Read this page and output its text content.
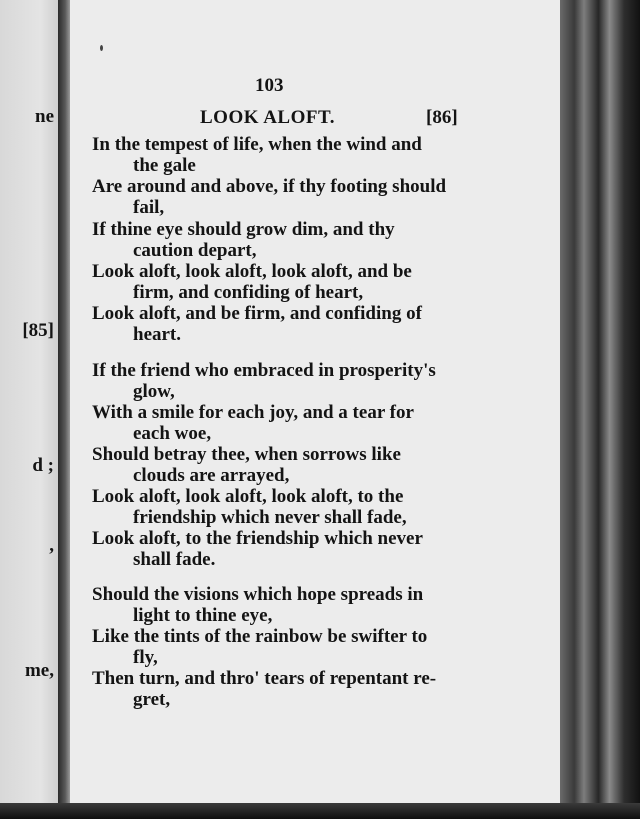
ne
[85]
d ;
,
me,
103
LOOK ALOFT.	[86]
In the tempest of life, when the wind and
the gale
Are around and above, if thy footing should
fail,
If thine eye should grow dim, and thy
caution depart,
Look aloft, look aloft, look aloft, and be
firm, and confiding of heart,
Look aloft, and be firm, and confiding of
heart.
If the friend who embraced in prosperity's
glow,
With a smile for each joy, and a tear for
each woe,
Should betray thee, when sorrows like
clouds are arrayed,
Look aloft, look aloft, look aloft, to the
friendship which never shall fade,
Look aloft, to the friendship which never
shall fade.
Should the visions which hope spreads in
light to thine eye,
Like the tints of the rainbow be swifter to
fly,
Then turn, and thro' tears of repentant re-
gret,
